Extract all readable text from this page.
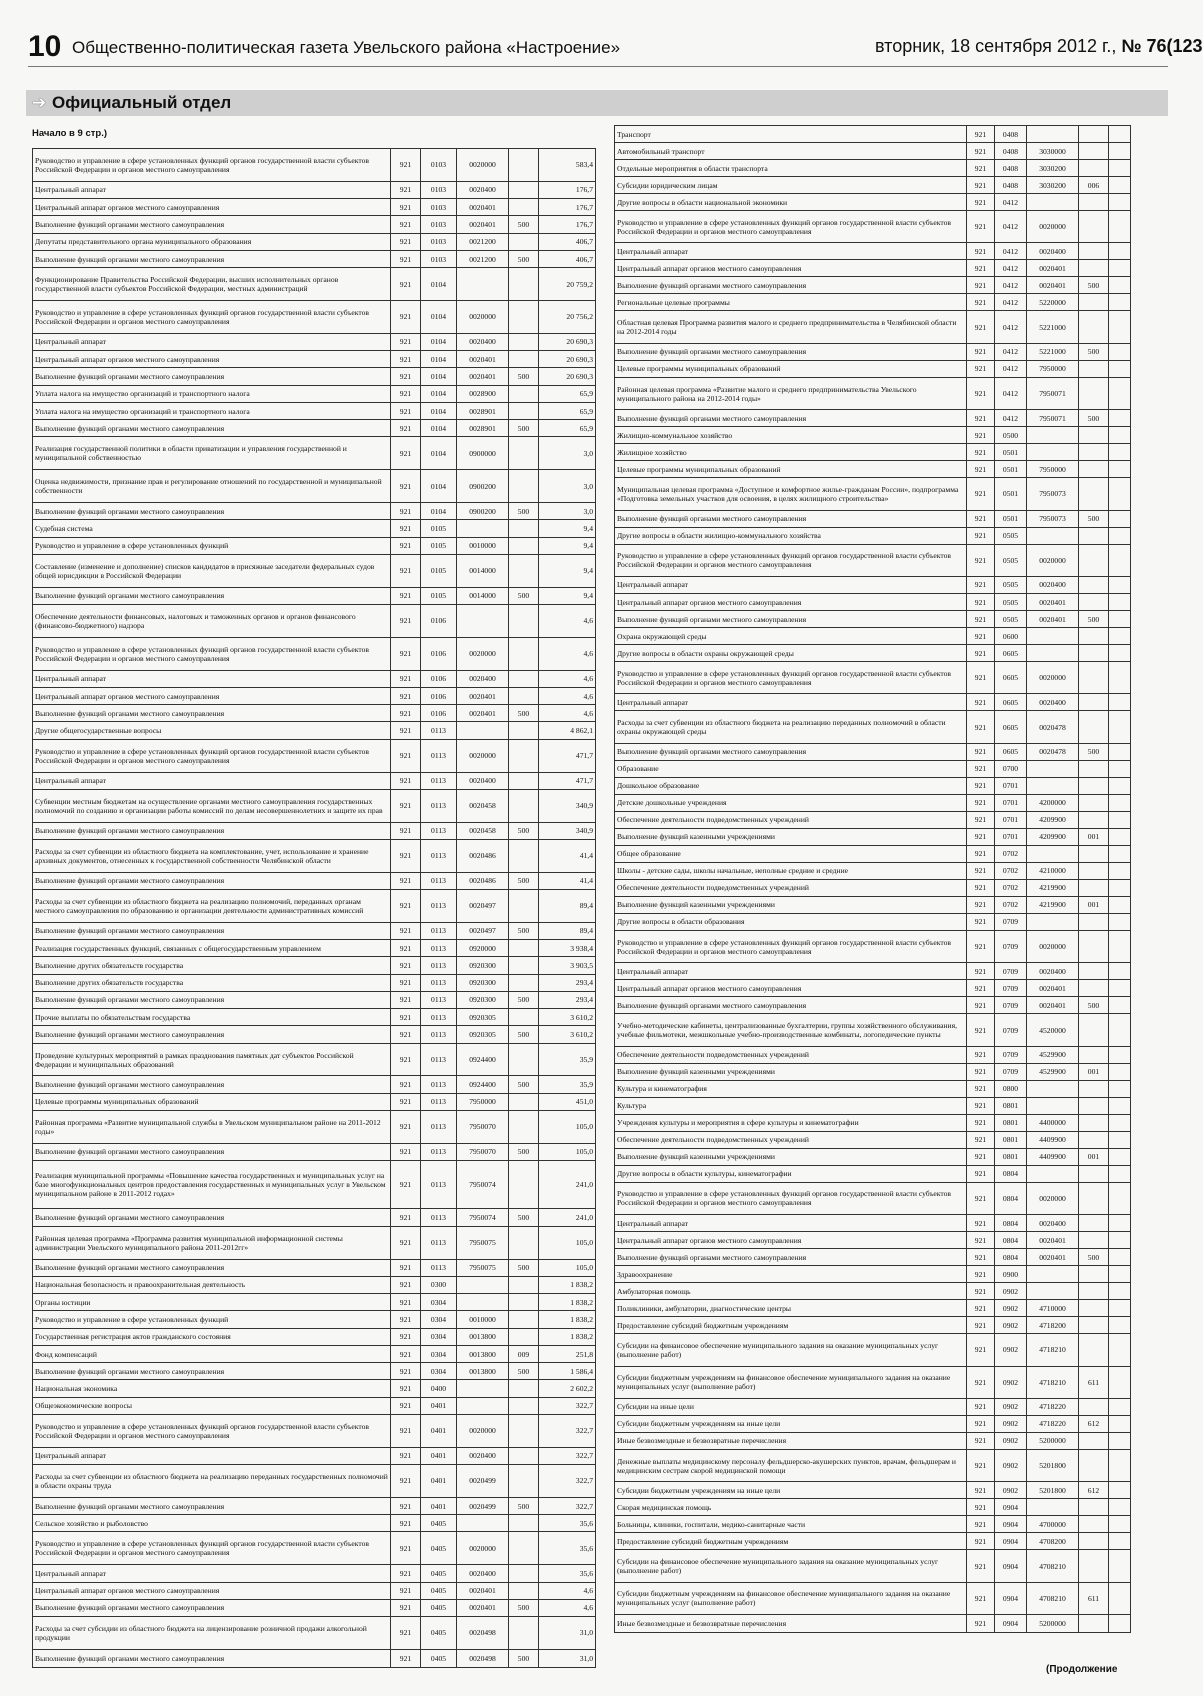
10 Общественно-политическая газета Увельского района «Настроение»	вторник, 18 сентября 2012 г., № 76(123
➔ Официальный отдел
Начало в 9 стр.)
Руководство и управление в сфере установленных функций органов государственной власти субъектов Российской Федерации и органов местного самоуправления	921	0103	0020000		583,4
Центральный аппарат	921	0103	0020400		176,7
Центральный аппарат органов местного самоуправления	921	0103	0020401		176,7
Выполнение функций органами местного самоуправления	921	0103	0020401	500	176,7
Депутаты представительного органа муниципального образования	921	0103	0021200		406,7
Выполнение функций органами местного самоуправления	921	0103	0021200	500	406,7
Функционирование Правительства Российской Федерации, высших исполнительных органов государственной власти субъектов Российской Федерации, местных администраций	921	0104			20 759,2
Руководство и управление в сфере установленных функций органов государственной власти субъектов Российской Федерации и органов местного самоуправления	921	0104	0020000		20 756,2
Центральный аппарат	921	0104	0020400		20 690,3
Центральный аппарат органов местного самоуправления	921	0104	0020401		20 690,3
Выполнение функций органами местного самоуправления	921	0104	0020401	500	20 690,3
Уплата налога на имущество организаций и транспортного налога	921	0104	0028900		65,9
Уплата налога на имущество организаций и транспортного налога	921	0104	0028901		65,9
Выполнение функций органами местного самоуправления	921	0104	0028901	500	65,9
Реализация государственной политики в области приватизации и управления государственной и муниципальной собственностью	921	0104	0900000		3,0
Оценка недвижимости, признание прав и регулирование отношений по государственной и муниципальной собственности	921	0104	0900200		3,0
Выполнение функций органами местного самоуправления	921	0104	0900200	500	3,0
Судебная система	921	0105			9,4
Руководство и управление в сфере установленных функций	921	0105	0010000		9,4
Составление (изменение и дополнение) списков кандидатов в присяжные заседатели федеральных судов общей юрисдикции в Российской Федерации	921	0105	0014000		9,4
Выполнение функций органами местного самоуправления	921	0105	0014000	500	9,4
Обеспечение деятельности финансовых, налоговых и таможенных органов и органов финансового (финансово-бюджетного) надзора	921	0106			4,6
Руководство и управление в сфере установленных функций органов государственной власти субъектов Российской Федерации и органов местного самоуправления	921	0106	0020000		4,6
Центральный аппарат	921	0106	0020400		4,6
Центральный аппарат органов местного самоуправления	921	0106	0020401		4,6
Выполнение функций органами местного самоуправления	921	0106	0020401	500	4,6
Другие общегосударственные вопросы	921	0113			4 862,1
Руководство и управление в сфере установленных функций органов государственной власти субъектов Российской Федерации и органов местного самоуправления	921	0113	0020000		471,7
Центральный аппарат	921	0113	0020400		471,7
Субвенции местным бюджетам на осуществление органами местного самоуправления государственных полномочий по созданию и организации работы комиссий по делам несовершеннолетних и защите их прав	921	0113	0020458		340,9
Выполнение функций органами местного самоуправления	921	0113	0020458	500	340,9
Расходы за счет субвенции из областного бюджета на комплектование, учет, использование и хранение архивных документов, отнесенных к государственной собственности Челябинской области	921	0113	0020486		41,4
Выполнение функций органами местного самоуправления	921	0113	0020486	500	41,4
Расходы за счет субвенции из областного бюджета на реализацию полномочий, переданных органам местного самоуправления по образованию и организации деятельности административных комиссий	921	0113	0020497		89,4
Выполнение функций органами местного самоуправления	921	0113	0020497	500	89,4
Реализация государственных функций, связанных с общегосударственным управлением	921	0113	0920000		3 938,4
Выполнение других обязательств государства	921	0113	0920300		3 903,5
Выполнение других обязательств государства	921	0113	0920300		293,4
Выполнение функций органами местного самоуправления	921	0113	0920300	500	293,4
Прочие выплаты по обязательствам государства	921	0113	0920305		3 610,2
Выполнение функций органами местного самоуправления	921	0113	0920305	500	3 610,2
Проведение культурных мероприятий в рамках празднования памятных дат субъектов Российской Федерации и муниципальных образований	921	0113	0924400		35,9
Выполнение функций органами местного самоуправления	921	0113	0924400	500	35,9
Целевые программы муниципальных образований	921	0113	7950000		451,0
Районная программа «Развитие муниципальной службы в Увельском муниципальном районе на 2011-2012 годы»	921	0113	7950070		105,0
Выполнение функций органами местного самоуправления	921	0113	7950070	500	105,0
Реализация муниципальной программы «Повышение качества государственных и муниципальных услуг на базе многофункциональных центров предоставления государственных и муниципальных услуг в Увельском муниципальном районе в 2011-2012 годах»	921	0113	7950074		241,0
Выполнение функций органами местного самоуправления	921	0113	7950074	500	241,0
Районная целевая программа «Программа развития муниципальной информационной системы администрации Увельского муниципального района 2011-2012гг»	921	0113	7950075		105,0
Выполнение функций органами местного самоуправления	921	0113	7950075	500	105,0
Национальная безопасность и правоохранительная деятельность	921	0300			1 838,2
Органы юстиции	921	0304			1 838,2
Руководство и управление в сфере установленных функций	921	0304	0010000		1 838,2
Государственная регистрация актов гражданского состояния	921	0304	0013800		1 838,2
Фонд компенсаций	921	0304	0013800	009	251,8
Выполнение функций органами местного самоуправления	921	0304	0013800	500	1 586,4
Национальная экономика	921	0400			2 602,2
Общеэкономические вопросы	921	0401			322,7
Руководство и управление в сфере установленных функций органов государственной власти субъектов Российской Федерации и органов местного самоуправления	921	0401	0020000		322,7
Центральный аппарат	921	0401	0020400		322,7
Расходы за счет субвенции из областного бюджета на реализацию переданных государственных полномочий в области охраны труда	921	0401	0020499		322,7
Выполнение функций органами местного самоуправления	921	0401	0020499	500	322,7
Сельское хозяйство и рыболовство	921	0405			35,6
Руководство и управление в сфере установленных функций органов государственной власти субъектов Российской Федерации и органов местного самоуправления	921	0405	0020000		35,6
Центральный аппарат	921	0405	0020400		35,6
Центральный аппарат органов местного самоуправления	921	0405	0020401		4,6
Выполнение функций органами местного самоуправления	921	0405	0020401	500	4,6
Расходы за счет субсидии из областного бюджета на лицензирование розничной продажи алкогольной продукции	921	0405	0020498		31,0
Выполнение функций органами местного самоуправления	921	0405	0020498	500	31,0
Транспорт	921	0408			
Автомобильный транспорт	921	0408	3030000		
Отдельные мероприятия в области транспорта	921	0408	3030200		
Субсидии юридическим лицам	921	0408	3030200	006	
Другие вопросы в области национальной экономики	921	0412			
Руководство и управление в сфере установленных функций органов государственной власти субъектов Российской Федерации и органов местного самоуправления	921	0412	0020000		
Центральный аппарат	921	0412	0020400		
Центральный аппарат органов местного самоуправления	921	0412	0020401		
Выполнение функций органами местного самоуправления	921	0412	0020401	500	
Региональные целевые программы	921	0412	5220000		
Областная целевая Программа развития малого и среднего предпринимательства в Челябинской области на 2012-2014 годы	921	0412	5221000		
Выполнение функций органами местного самоуправления	921	0412	5221000	500	
Целевые программы муниципальных образований	921	0412	7950000		
Районная целевая программа «Развитие малого и среднего предпринимательства Увельского муниципального района на 2012-2014 годы»	921	0412	7950071		
Выполнение функций органами местного самоуправления	921	0412	7950071	500	
Жилищно-коммунальное хозяйство	921	0500			
Жилищное хозяйство	921	0501			
Целевые программы муниципальных образований	921	0501	7950000		
Муниципальная целевая программа «Доступное и комфортное жилье-гражданам России», подпрограмма «Подготовка земельных участков для освоения, в целях жилищного строительства»	921	0501	7950073		
Выполнение функций органами местного самоуправления	921	0501	7950073	500	
Другие вопросы в области жилищно-коммунального хозяйства	921	0505			
Руководство и управление в сфере установленных функций органов государственной власти субъектов Российской Федерации и органов местного самоуправления	921	0505	0020000		
Центральный аппарат	921	0505	0020400		
Центральный аппарат органов местного самоуправления	921	0505	0020401		
Выполнение функций органами местного самоуправления	921	0505	0020401	500	
Охрана окружающей среды	921	0600			
Другие вопросы в области охраны окружающей среды	921	0605			
Руководство и управление в сфере установленных функций органов государственной власти субъектов Российской Федерации и органов местного самоуправления	921	0605	0020000		
Центральный аппарат	921	0605	0020400		
Расходы за счет субвенции из областного бюджета на реализацию переданных полномочий в области охраны окружающей среды	921	0605	0020478		
Выполнение функций органами местного самоуправления	921	0605	0020478	500	
Образование	921	0700			
Дошкольное образование	921	0701			
Детские дошкольные учреждения	921	0701	4200000		
Обеспечение деятельности подведомственных учреждений	921	0701	4209900		
Выполнение функций казенными учреждениями	921	0701	4209900	001	
Общее образование	921	0702			
Школы - детские сады, школы начальные, неполные средние и средние	921	0702	4210000		
Обеспечение деятельности подведомственных учреждений	921	0702	4219900		
Выполнение функций казенными учреждениями	921	0702	4219900	001	
Другие вопросы в области образования	921	0709			
Руководство и управление в сфере установленных функций органов государственной власти субъектов Российской Федерации и органов местного самоуправления	921	0709	0020000		
Центральный аппарат	921	0709	0020400		
Центральный аппарат органов местного самоуправления	921	0709	0020401		
Выполнение функций органами местного самоуправления	921	0709	0020401	500	
Учебно-методические кабинеты, централизованные бухгалтерии, группы хозяйственного обслуживания, учебные фильмотеки, межшкольные учебно-производственные комбинаты, логопедические пункты	921	0709	4520000		
Обеспечение деятельности подведомственных учреждений	921	0709	4529900		
Выполнение функций казенными учреждениями	921	0709	4529900	001	
Культура и кинематография	921	0800			
Культура	921	0801			
Учреждения культуры и мероприятия в сфере культуры и кинематографии	921	0801	4400000		
Обеспечение деятельности подведомственных учреждений	921	0801	4409900		
Выполнение функций казенными учреждениями	921	0801	4409900	001	
Другие вопросы в области культуры, кинематографии	921	0804			
Руководство и управление в сфере установленных функций органов государственной власти субъектов Российской Федерации и органов местного самоуправления	921	0804	0020000		
Центральный аппарат	921	0804	0020400		
Центральный аппарат органов местного самоуправления	921	0804	0020401		
Выполнение функций органами местного самоуправления	921	0804	0020401	500	
Здравоохранение	921	0900			
Амбулаторная помощь	921	0902			
Поликлиники, амбулатории, диагностические центры	921	0902	4710000		
Предоставление субсидий бюджетным учреждениям	921	0902	4718200		
Субсидии на финансовое обеспечение муниципального задания на оказание муниципальных услуг (выполнение работ)	921	0902	4718210		
Субсидии бюджетным учреждениям на финансовое обеспечение муниципального задания на оказание муниципальных услуг (выполнение работ)	921	0902	4718210	611	
Субсидии на иные цели	921	0902	4718220		
Субсидии бюджетным учреждениям на иные цели	921	0902	4718220	612	
Иные безвозмездные и безвозвратные перечисления	921	0902	5200000		
Денежные выплаты медицинскому персоналу фельдшерско-акушерских пунктов, врачам, фельдшерам и медицинским сестрам скорой медицинской помощи	921	0902	5201800		
Субсидии бюджетным учреждениям на иные цели	921	0902	5201800	612	
Скорая медицинская помощь	921	0904			
Больницы, клиники, госпитали, медико-санитарные части	921	0904	4700000		
Предоставление субсидий бюджетным учреждениям	921	0904	4708200		
Субсидии на финансовое обеспечение муниципального задания на оказание муниципальных услуг (выполнение работ)	921	0904	4708210		
Субсидии бюджетным учреждениям на финансовое обеспечение муниципального задания на оказание муниципальных услуг (выполнение работ)	921	0904	4708210	611	
Иные безвозмездные и безвозвратные перечисления	921	0904	5200000		
(Продолжение
